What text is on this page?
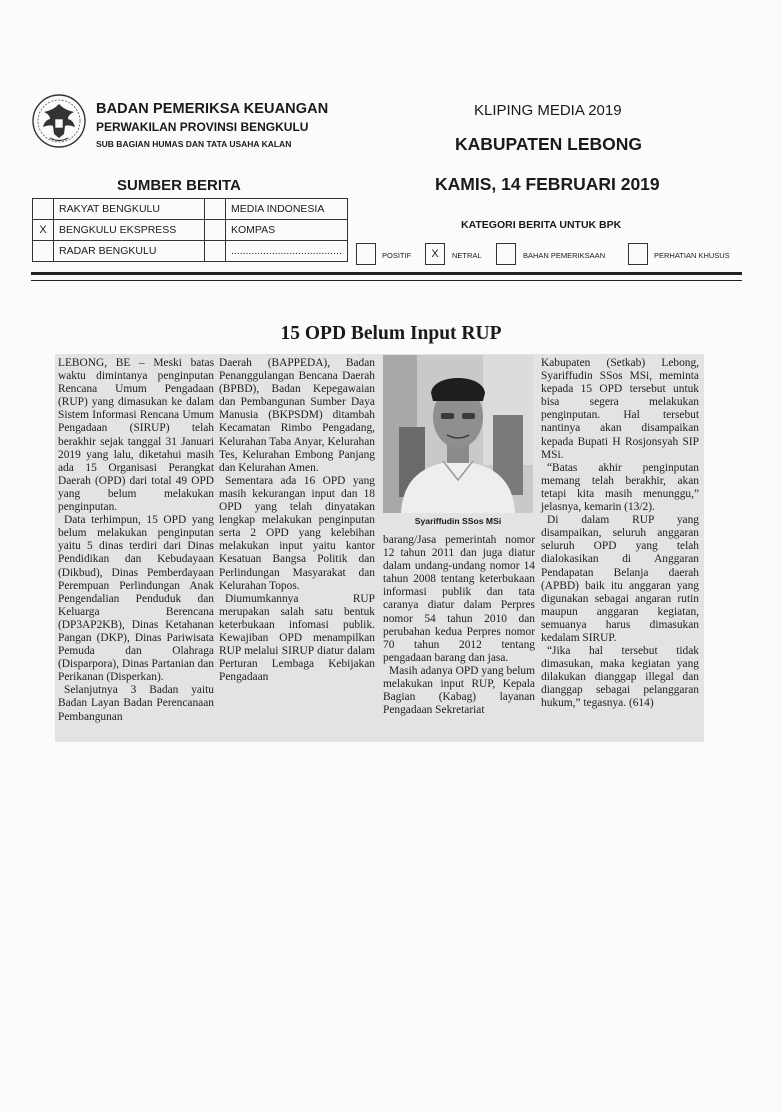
BADAN PEMERIKSA KEUANGAN
PERWAKILAN PROVINSI BENGKULU
SUB BAGIAN HUMAS DAN TATA USAHA KALAN
KLIPING MEDIA 2019
KABUPATEN LEBONG
KAMIS, 14 FEBRUARI 2019
SUMBER BERITA
	RAKYAT BENGKULU		MEDIA INDONESIA
X	BENGKULU EKSPRESS		KOMPAS
	RADAR BENGKULU		......................................
KATEGORI BERITA UNTUK BPK
POSITIF	X	NETRAL	BAHAN PEMERIKSAAN	PERHATIAN KHUSUS
15 OPD Belum Input RUP

LEBONG, BE – Meski batas waktu dimintanya penginputan Rencana Umum Pengadaan (RUP) yang dimasukan ke dalam Sistem Informasi Rencana Umum Pengadaan (SIRUP) telah berakhir sejak tanggal 31 Januari 2019 yang lalu, diketahui masih ada 15 Organisasi Perangkat Daerah (OPD) dari total 49 OPD yang belum melakukan penginputan.

Data terhimpun, 15 OPD yang belum melakukan penginputan yaitu 5 dinas terdiri dari Dinas Pendidikan dan Kebudayaan (Dikbud), Dinas Pemberdayaan Perempuan Perlindungan Anak Pengendalian Penduduk dan Keluarga Berencana (DP3AP2KB), Dinas Ketahanan Pangan (DKP), Dinas Pariwisata Pemuda dan Olahraga (Disparpora), Dinas Partanian dan Perikanan (Disperkan).

Selanjutnya 3 Badan yaitu Badan Layan Badan Perencanaan Pembangunan

Daerah (BAPPEDA), Badan Penanggulangan Bencana Daerah (BPBD), Badan Kepegawaian dan Pembangunan Sumber Daya Manusia (BKPSDM) ditambah Kecamatan Rimbo Pengadang, Kelurahan Taba Anyar, Kelurahan Tes, Kelurahan Embong Panjang dan Kelurahan Amen.

Sementara ada 16 OPD yang masih kekurangan input dan 18 OPD yang telah dinyatakan lengkap melakukan penginputan serta 2 OPD yang kelebihan melakukan input yaitu kantor Kesatuan Bangsa Politik dan Perlindungan Masyarakat dan Kelurahan Topos.

Diumumkannya RUP merupakan salah satu bentuk keterbukaan infomasi publik. Kewajiban OPD menampilkan RUP melalui SIRUP diatur dalam Perturan Lembaga Kebijakan Pengadaan

Syariffudin SSos MSi

barang/Jasa pemerintah nomor 12 tahun 2011 dan juga diatur dalam undang-undang nomor 14 tahun 2008 tentang keterbukaan informasi publik dan tata caranya diatur dalam Perpres nomor 54 tahun 2010 dan perubahan kedua Perpres nomor 70 tahun 2012 tentang pengadaan barang dan jasa.

Masih adanya OPD yang belum melakukan input RUP, Kepala Bagian (Kabag) layanan Pengadaan Sekretariat

Kabupaten (Setkab) Lebong, Syariffudin SSos MSi, meminta kepada 15 OPD tersebut untuk bisa segera melakukan penginputan. Hal tersebut nantinya akan disampaikan kepada Bupati H Rosjonsyah SIP MSi.

“Batas akhir penginputan memang telah berakhir, akan tetapi kita masih menunggu,” jelasnya, kemarin (13/2).

Di dalam RUP yang disampaikan, seluruh anggaran seluruh OPD yang telah dialokasikan di Anggaran Pendapatan Belanja daerah (APBD) baik itu anggaran yang digunakan sebagai angaran rutin maupun anggaran kegiatan, semuanya harus dimasukan kedalam SIRUP.

“Jika hal tersebut tidak dimasukan, maka kegiatan yang dilakukan dianggap illegal dan dianggap sebagai pelanggaran hukum,” tegasnya. (614)
